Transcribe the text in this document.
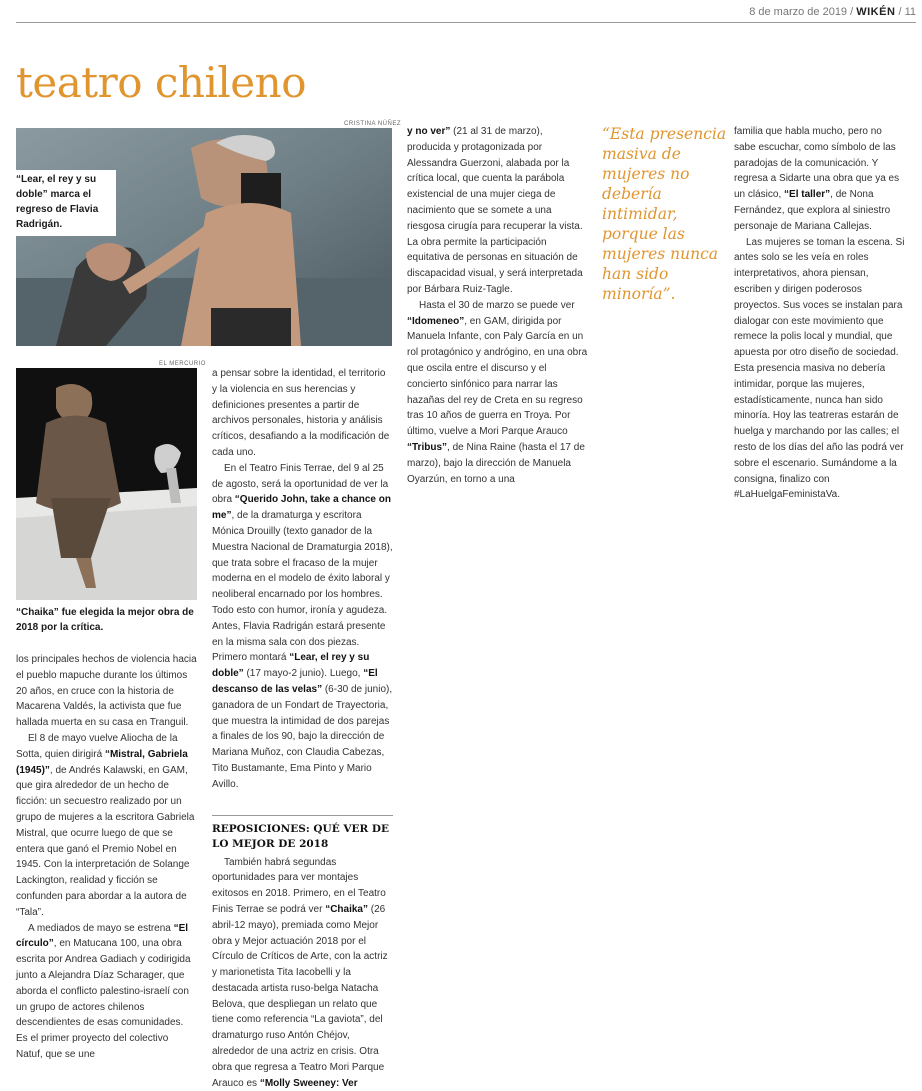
8 de marzo de 2019 / WIKÉN / 11
teatro chileno
CRISTINA NÚÑEZ
“Lear, el rey y su doble” marca el regreso de Flavia Radrigán.
EL MERCURIO
“Chaika” fue elegida la mejor obra de 2018 por la crítica.

los principales hechos de violencia hacia el pueblo mapuche durante los últimos 20 años, en cruce con la historia de Macarena Valdés, la activista que fue hallada muerta en su casa en Tranguil.

El 8 de mayo vuelve Aliocha de la Sotta, quien dirigirá “Mistral, Gabriela (1945)”, de Andrés Kalawski, en GAM, que gira alrededor de un hecho de ficción: un secuestro realizado por un grupo de mujeres a la escritora Gabriela Mistral, que ocurre luego de que se entera que ganó el Premio Nobel en 1945. Con la interpretación de Solange Lackington, realidad y ficción se confunden para abordar a la autora de “Tala”.

A mediados de mayo se estrena “El círculo”, en Matucana 100, una obra escrita por Andrea Gadiach y codirigida junto a Alejandra Díaz Scharager, que aborda el conflicto palestino-israelí con un grupo de actores chilenos descendientes de esas comunidades. Es el primer proyecto del colectivo Natuf, que se une

a pensar sobre la identidad, el territorio y la violencia en sus herencias y definiciones presentes a partir de archivos personales, historia y análisis críticos, desafiando a la modificación de cada uno.

En el Teatro Finis Terrae, del 9 al 25 de agosto, será la oportunidad de ver la obra “Querido John, take a chance on me”, de la dramaturga y escritora Mónica Drouilly (texto ganador de la Muestra Nacional de Dramaturgia 2018), que trata sobre el fracaso de la mujer moderna en el modelo de éxito laboral y neoliberal encarnado por los hombres. Todo esto con humor, ironía y agudeza. Antes, Flavia Radrigán estará presente en la misma sala con dos piezas. Primero montará “Lear, el rey y su doble” (17 mayo-2 junio). Luego, “El descanso de las velas” (6-30 de junio), ganadora de un Fondart de Trayectoria, que muestra la intimidad de dos parejas a finales de los 90, bajo la dirección de Mariana Muñoz, con Claudia Cabezas, Tito Bustamante, Ema Pinto y Mario Avillo.

REPOSICIONES: QUÉ VER DE LO MEJOR DE 2018

También habrá segundas oportunidades para ver montajes exitosos en 2018. Primero, en el Teatro Finis Terrae se podrá ver “Chaika” (26 abril-12 mayo), premiada como Mejor obra y Mejor actuación 2018 por el Círculo de Críticos de Arte, con la actriz y marionetista Tita Iacobelli y la destacada artista ruso-belga Natacha Belova, que despliegan un relato que tiene como referencia “La gaviota”, del dramaturgo ruso Antón Chéjov, alrededor de una actriz en crisis. Otra obra que regresa a Teatro Mori Parque Arauco es “Molly Sweeney: Ver

y no ver” (21 al 31 de marzo), producida y protagonizada por Alessandra Guerzoni, alabada por la crítica local, que cuenta la parábola existencial de una mujer ciega de nacimiento que se somete a una riesgosa cirugía para recuperar la vista. La obra permite la participación equitativa de personas en situación de discapacidad visual, y será interpretada por Bárbara Ruiz-Tagle.

Hasta el 30 de marzo se puede ver “Idomeneo”, en GAM, dirigida por Manuela Infante, con Paly García en un rol protagónico y andrógino, en una obra que oscila entre el discurso y el concierto sinfónico para narrar las hazañas del rey de Creta en su regreso tras 10 años de guerra en Troya. Por último, vuelve a Mori Parque Arauco “Tribus”, de Nina Raine (hasta el 17 de marzo), bajo la dirección de Manuela Oyarzún, en torno a una

“Esta presencia masiva de mujeres no debería intimidar, porque las mujeres nunca han sido minoría”.

familia que habla mucho, pero no sabe escuchar, como símbolo de las paradojas de la comunicación. Y regresa a Sidarte una obra que ya es un clásico, “El taller”, de Nona Fernández, que explora al siniestro personaje de Mariana Callejas.

Las mujeres se toman la escena. Si antes solo se les veía en roles interpretativos, ahora piensan, escriben y dirigen poderosos proyectos. Sus voces se instalan para dialogar con este movimiento que remece la polis local y mundial, que apuesta por otro diseño de sociedad. Esta presencia masiva no debería intimidar, porque las mujeres, estadísticamente, nunca han sido minoría. Hoy las teatreras estarán de huelga y marchando por las calles; el resto de los días del año las podrá ver sobre el escenario. Sumándome a la consigna, finalizo con #LaHuelgaFeministaVa.
